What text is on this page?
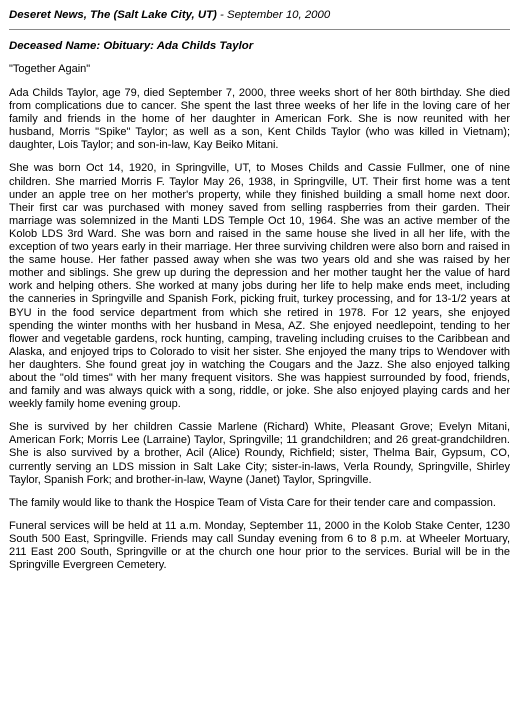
Deseret News, The (Salt Lake City, UT) - September 10, 2000
Deceased Name: Obituary: Ada Childs Taylor
"Together Again"
Ada Childs Taylor, age 79, died September 7, 2000, three weeks short of her 80th birthday. She died from complications due to cancer. She spent the last three weeks of her life in the loving care of her family and friends in the home of her daughter in American Fork. She is now reunited with her husband, Morris "Spike" Taylor; as well as a son, Kent Childs Taylor (who was killed in Vietnam); daughter, Lois Taylor; and son-in-law, Kay Beiko Mitani.
She was born Oct 14, 1920, in Springville, UT, to Moses Childs and Cassie Fullmer, one of nine children. She married Morris F. Taylor May 26, 1938, in Springville, UT. Their first home was a tent under an apple tree on her mother's property, while they finished building a small home next door. Their first car was purchased with money saved from selling raspberries from their garden. Their marriage was solemnized in the Manti LDS Temple Oct 10, 1964. She was an active member of the Kolob LDS 3rd Ward. She was born and raised in the same house she lived in all her life, with the exception of two years early in their marriage. Her three surviving children were also born and raised in the same house. Her father passed away when she was two years old and she was raised by her mother and siblings. She grew up during the depression and her mother taught her the value of hard work and helping others. She worked at many jobs during her life to help make ends meet, including the canneries in Springville and Spanish Fork, picking fruit, turkey processing, and for 13-1/2 years at BYU in the food service department from which she retired in 1978. For 12 years, she enjoyed spending the winter months with her husband in Mesa, AZ. She enjoyed needlepoint, tending to her flower and vegetable gardens, rock hunting, camping, traveling including cruises to the Caribbean and Alaska, and enjoyed trips to Colorado to visit her sister. She enjoyed the many trips to Wendover with her daughters. She found great joy in watching the Cougars and the Jazz. She also enjoyed talking about the "old times" with her many frequent visitors. She was happiest surrounded by food, friends, and family and was always quick with a song, riddle, or joke. She also enjoyed playing cards and her weekly family home evening group.
She is survived by her children Cassie Marlene (Richard) White, Pleasant Grove; Evelyn Mitani, American Fork; Morris Lee (Larraine) Taylor, Springville; 11 grandchildren; and 26 great-grandchildren. She is also survived by a brother, Acil (Alice) Roundy, Richfield; sister, Thelma Bair, Gypsum, CO, currently serving an LDS mission in Salt Lake City; sister-in-laws, Verla Roundy, Springville, Shirley Taylor, Spanish Fork; and brother-in-law, Wayne (Janet) Taylor, Springville.
The family would like to thank the Hospice Team of Vista Care for their tender care and compassion.
Funeral services will be held at 11 a.m. Monday, September 11, 2000 in the Kolob Stake Center, 1230 South 500 East, Springville. Friends may call Sunday evening from 6 to 8 p.m. at Wheeler Mortuary, 211 East 200 South, Springville or at the church one hour prior to the services. Burial will be in the Springville Evergreen Cemetery.
